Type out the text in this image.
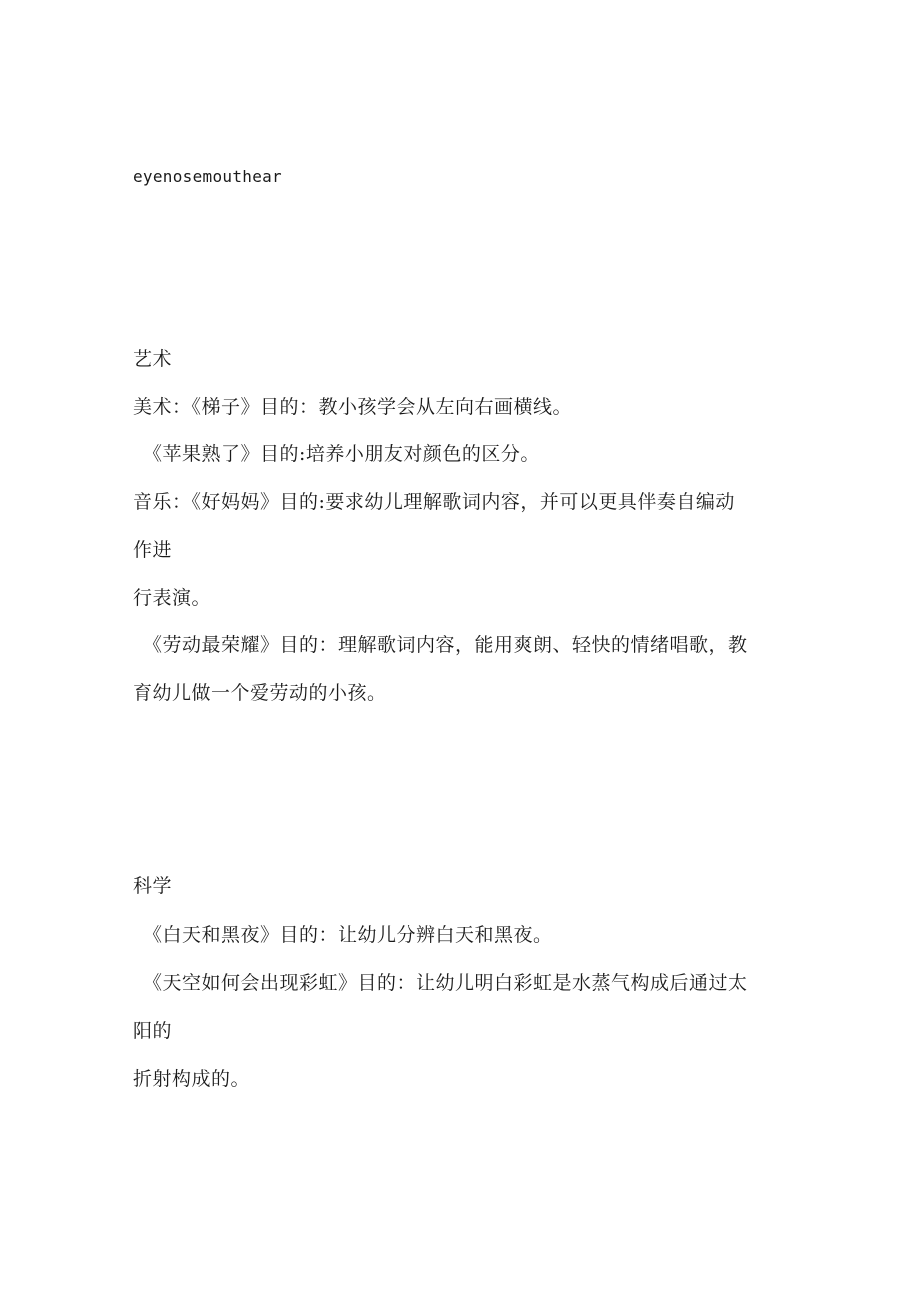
eyenosemouthear
艺术
美术：《梯子》目的：教小孩学会从左向右画横线。
《苹果熟了》目的:培养小朋友对颜色的区分。
音乐：《好妈妈》目的:要求幼儿理解歌词内容，并可以更具伴奏自编动
作进
行表演。
《劳动最荣耀》目的：理解歌词内容，能用爽朗、轻快的情绪唱歌，教
育幼儿做一个爱劳动的小孩。
科学
《白天和黑夜》目的：让幼儿分辨白天和黑夜。
《天空如何会出现彩虹》目的：让幼儿明白彩虹是水蒸气构成后通过太
阳的
折射构成的。
